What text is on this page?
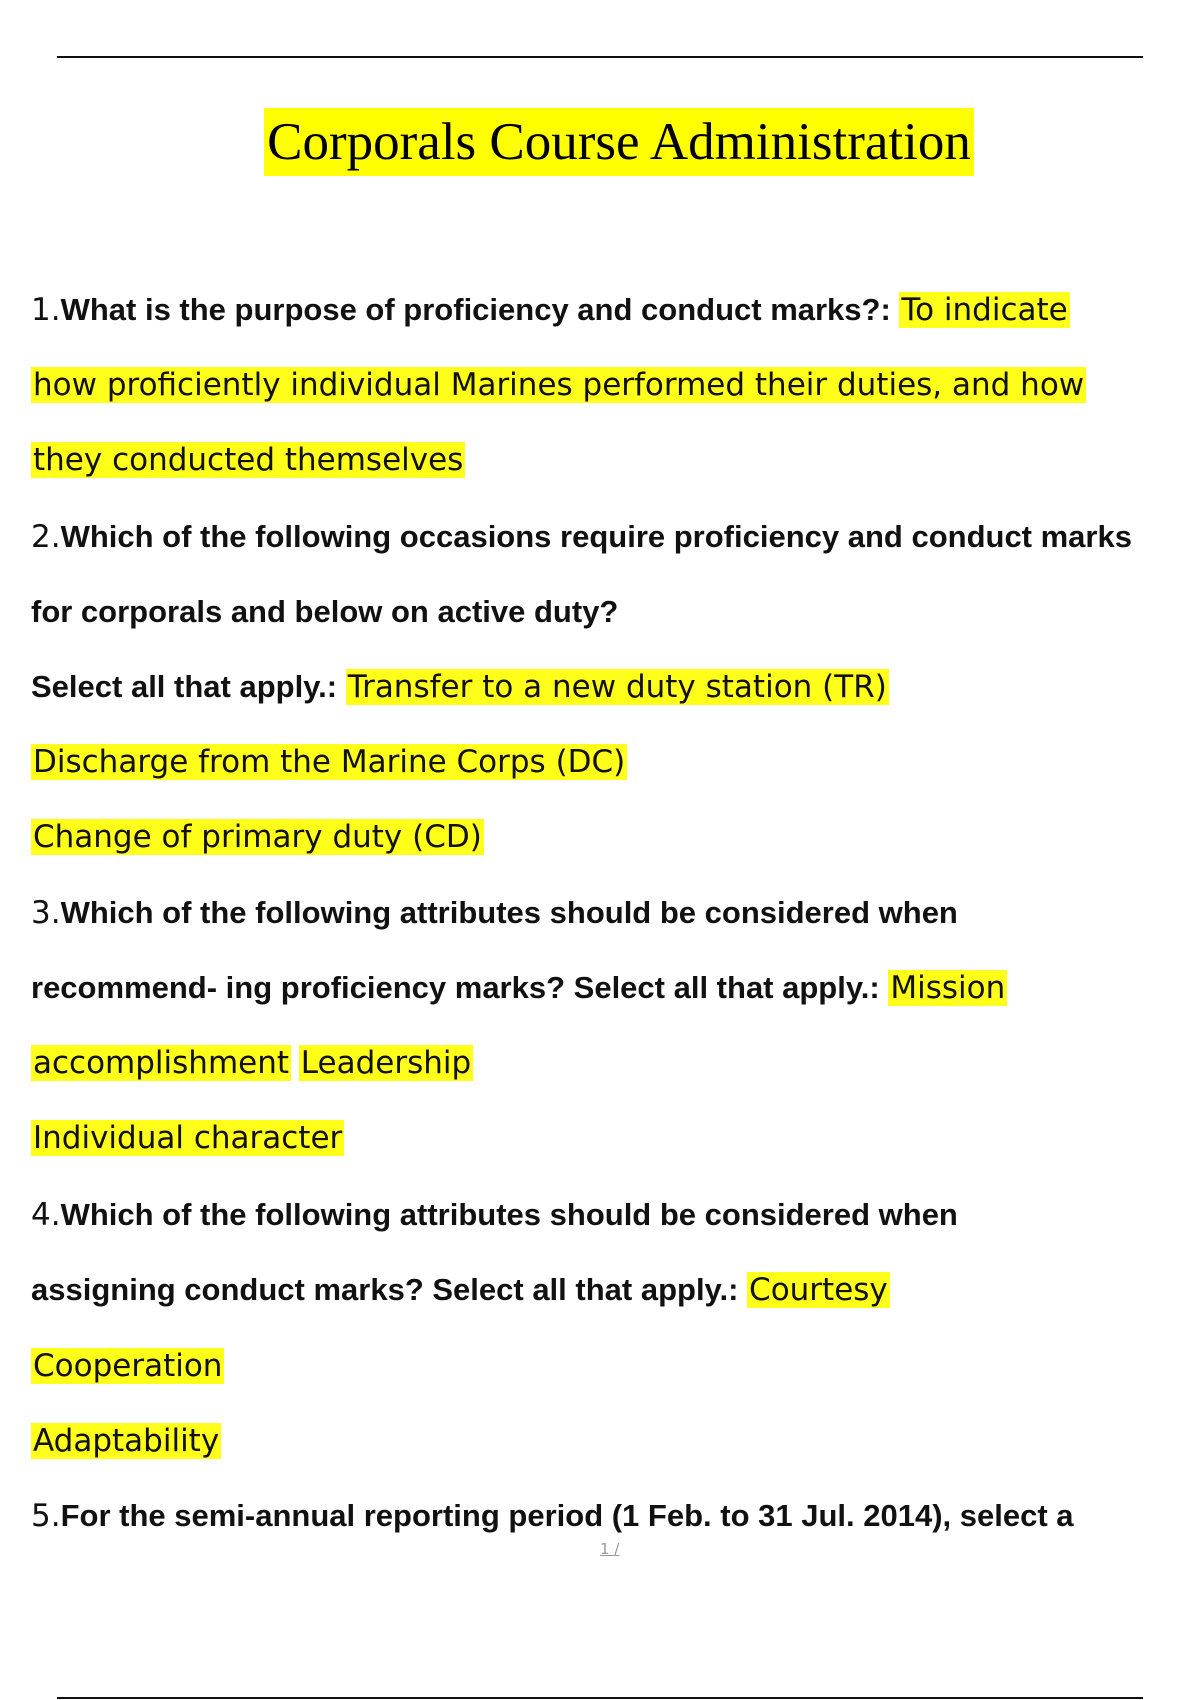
Corporals Course Administration
1.What is the purpose of proficiency and conduct marks?: To indicate
how proficiently individual Marines performed their duties, and how
they conducted themselves
2.Which of the following occasions require proficiency and conduct marks
for corporals and below on active duty?
Select all that apply.: Transfer to a new duty station (TR)
Discharge from the Marine Corps (DC)
Change of primary duty (CD)
3.Which of the following attributes should be considered when
recommend- ing proficiency marks? Select all that apply.: Mission
accomplishment Leadership
Individual character
4.Which of the following attributes should be considered when
assigning conduct marks? Select all that apply.: Courtesy
Cooperation
Adaptability
5.For the semi-annual reporting period (1 Feb. to 31 Jul. 2014), select a
1 /
